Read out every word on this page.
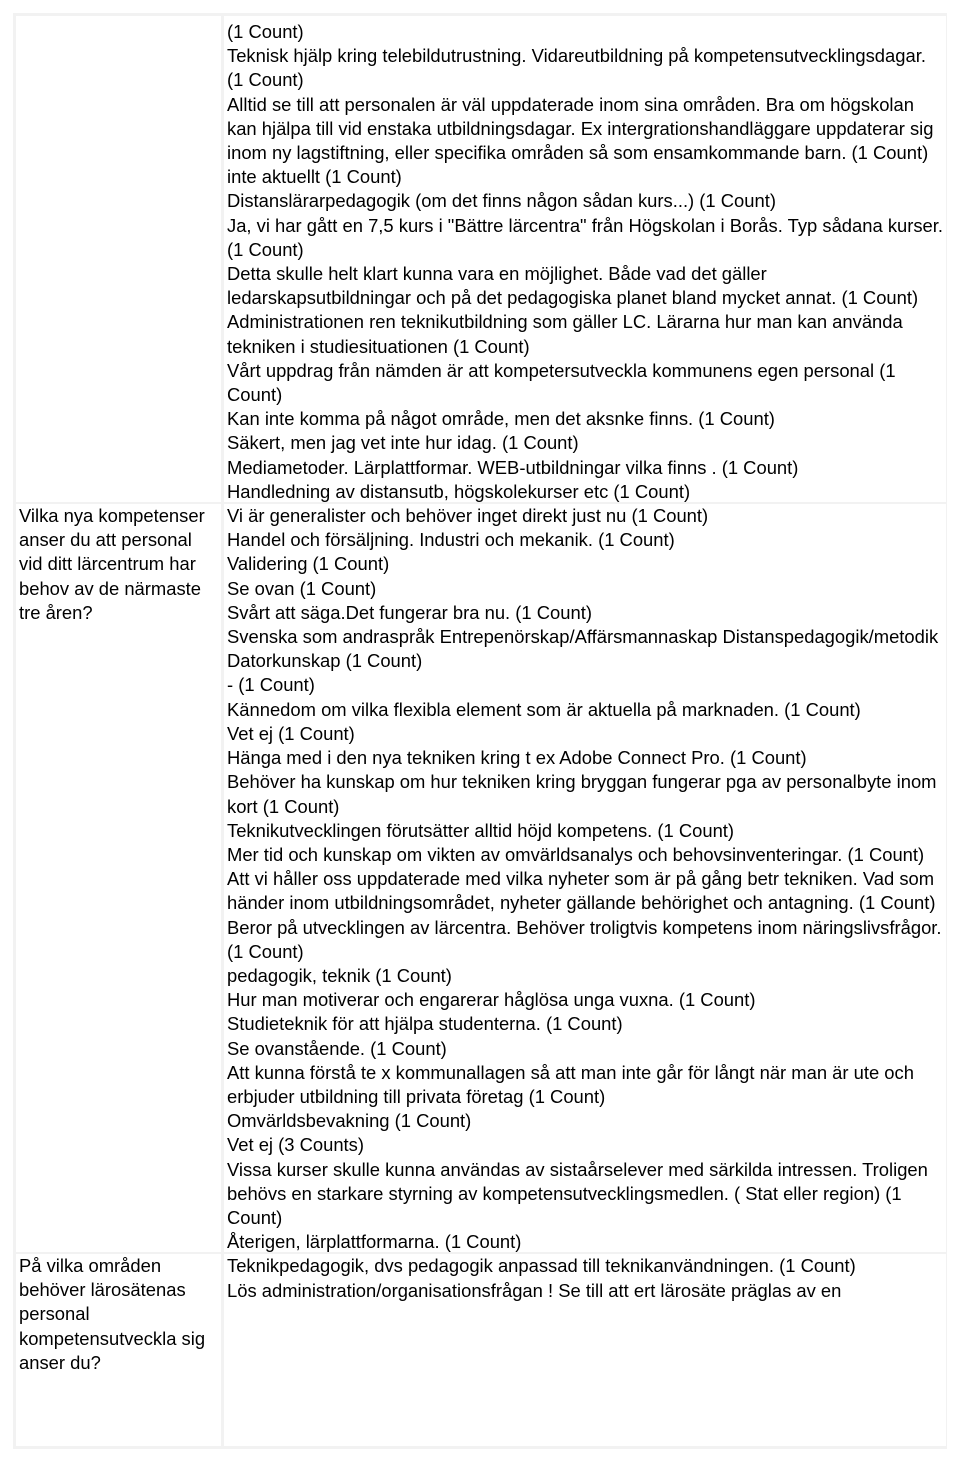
Vilka nya kompetenser anser du att personal vid ditt lärcentrum har behov av de närmaste tre åren?

På vilka områden behöver lärosätenas personal kompetensutveckla sig anser du?

(1 Count)
Teknisk hjälp kring telebildutrustning. Vidareutbildning på kompetensutvecklingsdagar. (1 Count)
Alltid se till att personalen är väl uppdaterade inom sina områden. Bra om högskolan kan hjälpa till vid enstaka utbildningsdagar. Ex intergrationshandläggare uppdaterar sig inom ny lagstiftning, eller specifika områden så som ensamkommande barn. (1 Count)
inte aktuellt (1 Count)
Distanslärarpedagogik (om det finns någon sådan kurs...) (1 Count)
Ja, vi har gått en 7,5 kurs i "Bättre lärcentra" från Högskolan i Borås. Typ sådana kurser. (1 Count)
Detta skulle helt klart kunna vara en möjlighet. Både vad det gäller ledarskapsutbildningar och på det pedagogiska planet bland mycket annat. (1 Count)
Administrationen ren teknikutbildning som gäller LC. Lärarna hur man kan använda tekniken i studiesituationen (1 Count)
Vårt uppdrag från nämden är att kompetersutveckla kommunens egen personal (1 Count)
Kan inte komma på något område, men det aksnke finns. (1 Count)
Säkert, men jag vet inte hur idag. (1 Count)
Mediametoder. Lärplattformar. WEB-utbildningar vilka finns . (1 Count)
Handledning av distansutb, högskolekurser etc (1 Count)
Vi är generalister och behöver inget direkt just nu (1 Count)
Handel och försäljning. Industri och mekanik. (1 Count)
Validering (1 Count)
Se ovan (1 Count)
Svårt att säga.Det fungerar bra nu. (1 Count)
Svenska som andraspråk Entrepenörskap/Affärsmannaskap Distanspedagogik/metodik Datorkunskap (1 Count)
- (1 Count)
Kännedom om vilka flexibla element som är aktuella på marknaden. (1 Count)
Vet ej (1 Count)
Hänga med i den nya tekniken kring t ex Adobe Connect Pro. (1 Count)
Behöver ha kunskap om hur tekniken kring bryggan fungerar pga av personalbyte inom kort (1 Count)
Teknikutvecklingen förutsätter alltid höjd kompetens. (1 Count)
Mer tid och kunskap om vikten av omvärldsanalys och behovsinventeringar. (1 Count)
Att vi håller oss uppdaterade med vilka nyheter som är på gång betr tekniken. Vad som händer inom utbildningsområdet, nyheter gällande behörighet och antagning. (1 Count)
Beror på utvecklingen av lärcentra. Behöver troligtvis kompetens inom näringslivsfrågor. (1 Count)
pedagogik, teknik (1 Count)
Hur man motiverar och engarerar håglösa unga vuxna. (1 Count)
Studieteknik för att hjälpa studenterna. (1 Count)
Se ovanstående. (1 Count)
Att kunna förstå te x kommunallagen så att man inte går för långt när man är ute och erbjuder utbildning till privata företag (1 Count)
Omvärldsbevakning (1 Count)
Vet ej (3 Counts)
Vissa kurser skulle kunna användas av sistaårselever med särkilda intressen. Troligen behövs en starkare styrning av kompetensutvecklingsmedlen. ( Stat eller region) (1 Count)
Återigen, lärplattformarna. (1 Count)
Teknikpedagogik, dvs pedagogik anpassad till teknikanvändningen. (1 Count)
Lös administration/organisationsfrågan ! Se till att ert lärosäte präglas av en
